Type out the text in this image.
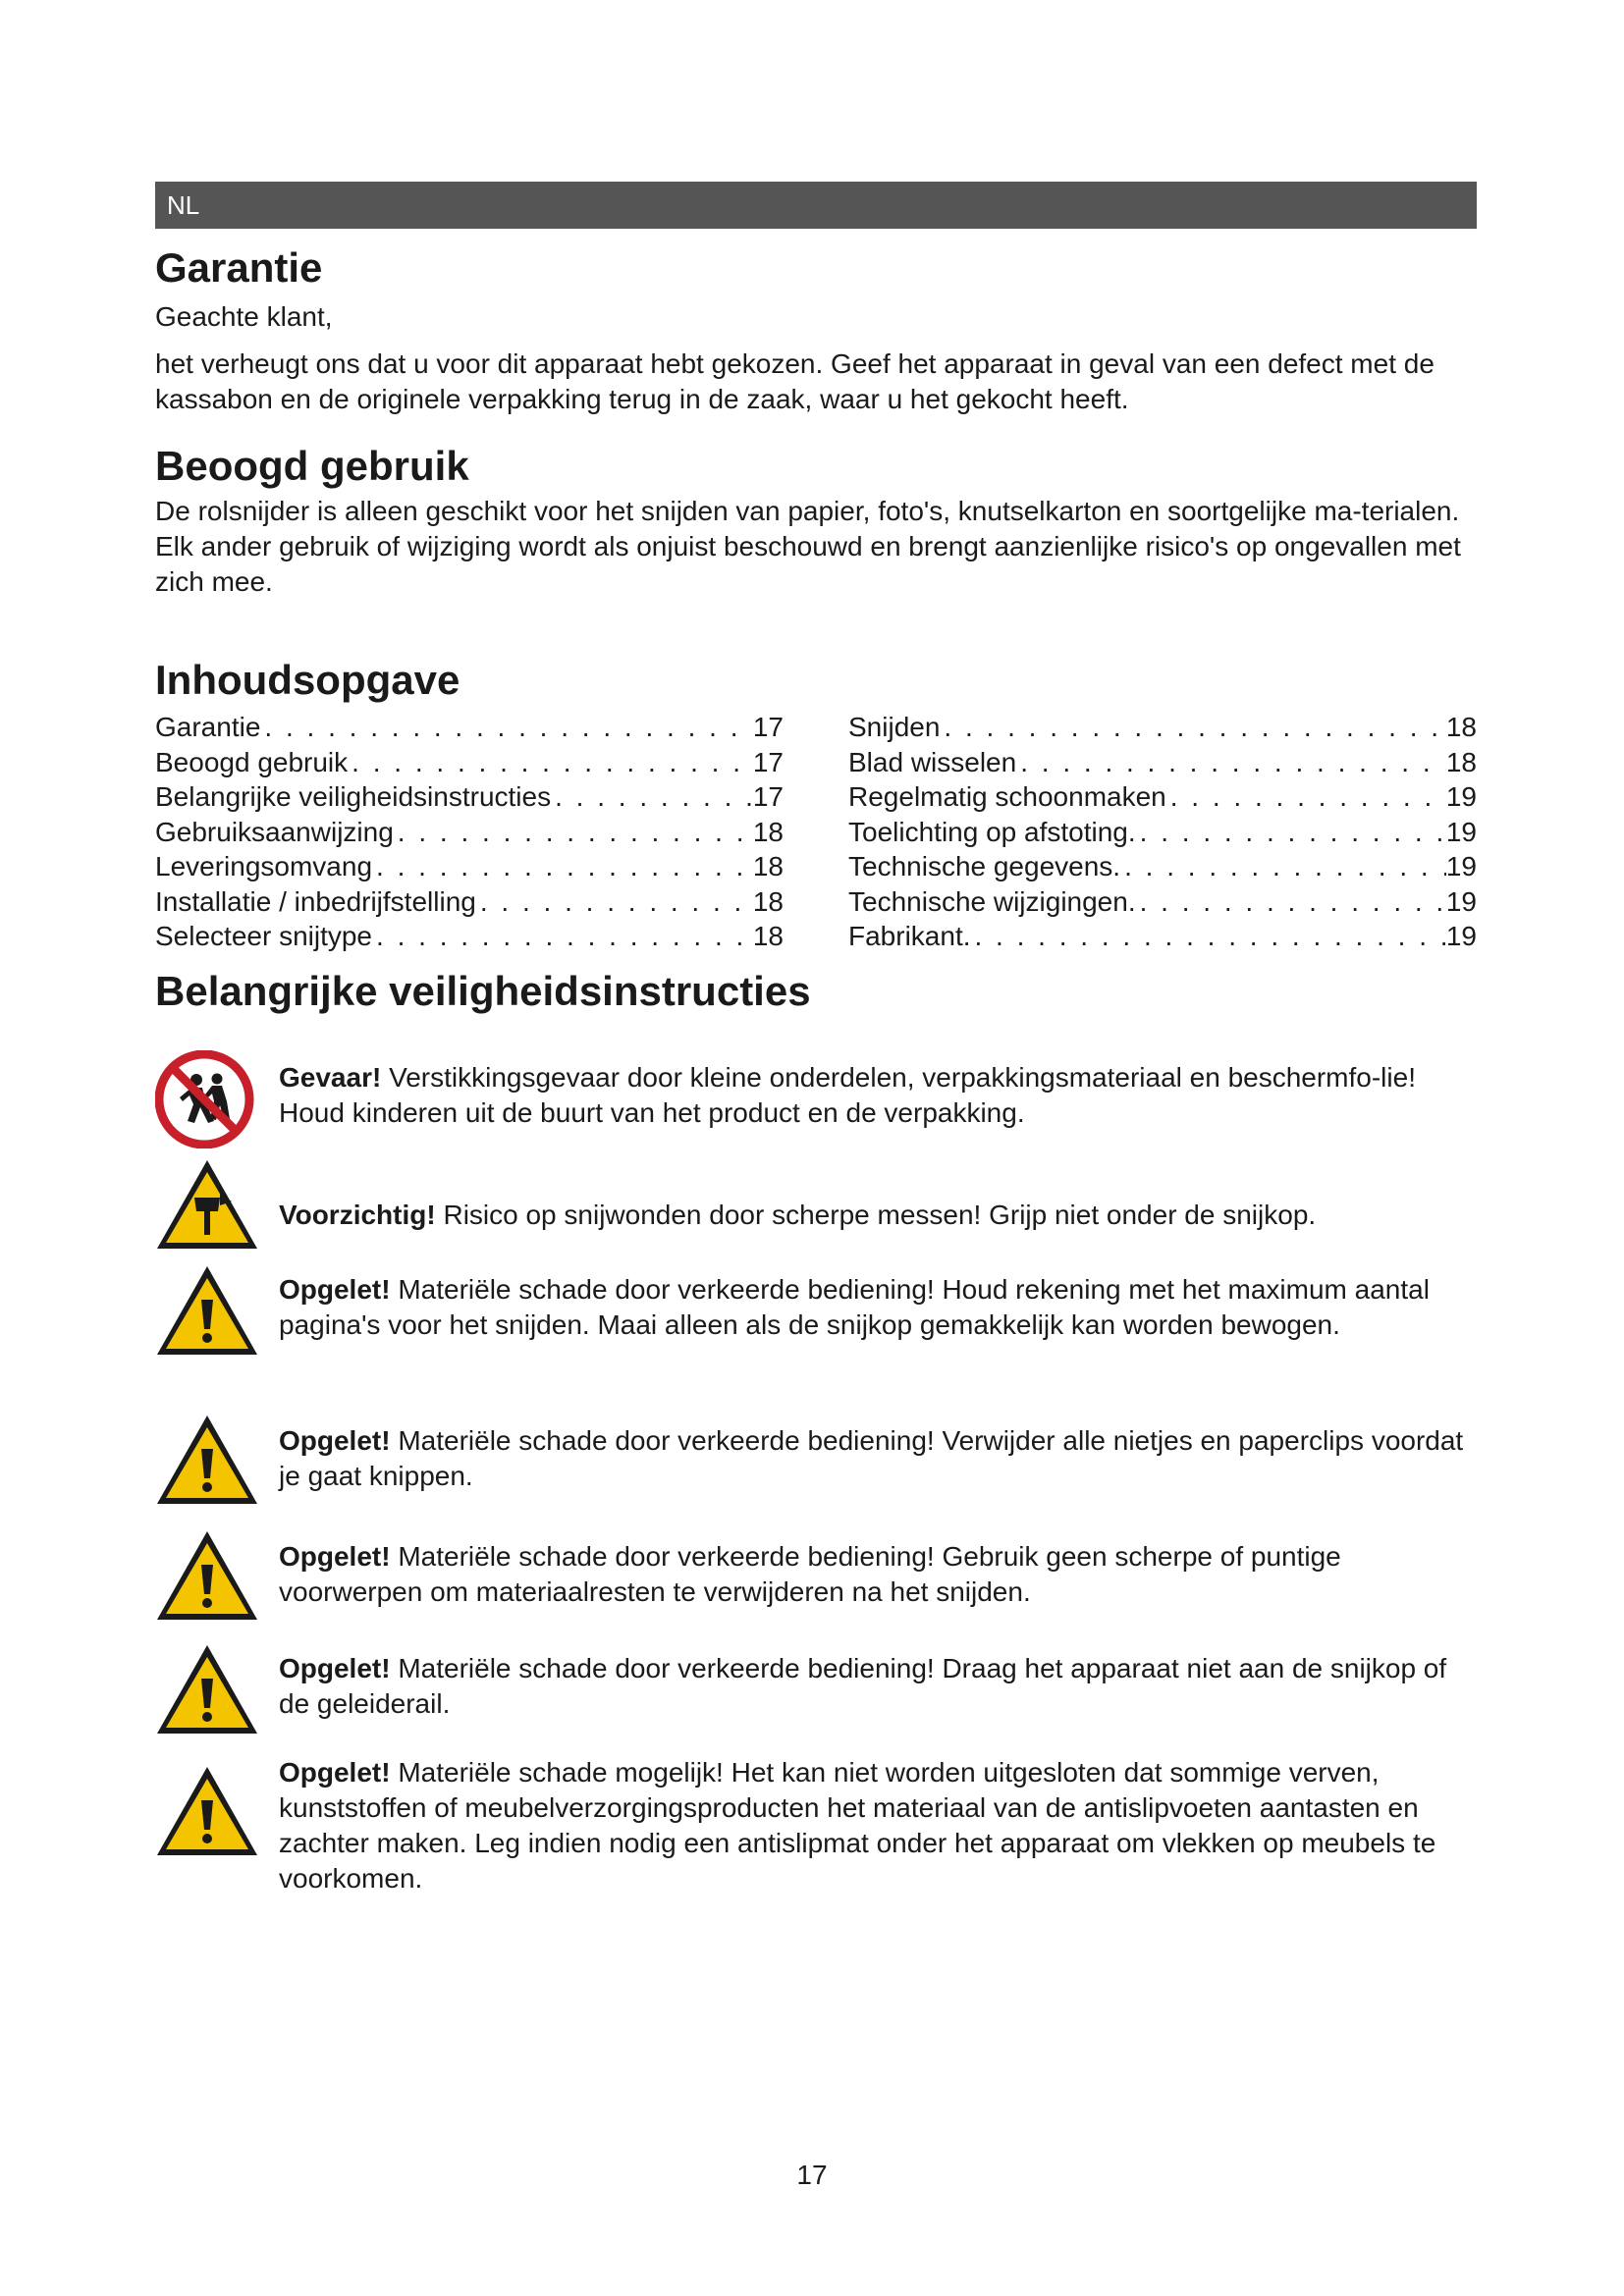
NL
Garantie

Geachte klant,

het verheugt ons dat u voor dit apparaat hebt gekozen. Geef het apparaat in geval van een defect met de kassabon en de originele verpakking terug in de zaak, waar u het gekocht heeft.

Beoogd gebruik

De rolsnijder is alleen geschikt voor het snijden van papier, foto's, knutselkarton en soortgelijke ma-terialen. Elk ander gebruik of wijziging wordt als onjuist beschouwd en brengt aanzienlijke risico's op ongevallen met zich mee.

Inhoudsopgave
Garantie . . .	17
Beoogd gebruik . . .	17
Belangrijke veiligheidsinstructies . . .	17
Gebruiksaanwijzing . . .	18
Leveringsomvang . . .	18
Installatie / inbedrijfstelling . . .	18
Selecteer snijtype . . .	18
Snijden . . .	18
Blad wisselen . . .	18
Regelmatig schoonmaken . . .	19
Toelichting op afstoting. . . .	19
Technische gegevens. . . .	19
Technische wijzigingen. . . .	19
Fabrikant. . . .	19
Belangrijke veiligheidsinstructies
Gevaar! Verstikkingsgevaar door kleine onderdelen, verpakkingsmateriaal en beschermfo-lie! Houd kinderen uit de buurt van het product en de verpakking.
Voorzichtig! Risico op snijwonden door scherpe messen! Grijp niet onder de snijkop.
Opgelet! Materiële schade door verkeerde bediening! Houd rekening met het maximum aantal pagina's voor het snijden. Maai alleen als de snijkop gemakkelijk kan worden bewogen.
Opgelet! Materiële schade door verkeerde bediening! Verwijder alle nietjes en paperclips voordat je gaat knippen.
Opgelet! Materiële schade door verkeerde bediening! Gebruik geen scherpe of puntige voorwerpen om materiaalresten te verwijderen na het snijden.
Opgelet! Materiële schade door verkeerde bediening! Draag het apparaat niet aan de snijkop of de geleiderail.
Opgelet! Materiële schade mogelijk! Het kan niet worden uitgesloten dat sommige verven, kunststoffen of meubelverzorgingsproducten het materiaal van de antislipvoeten aantasten en zachter maken. Leg indien nodig een antislipmat onder het apparaat om vlekken op meubels te voorkomen.
17
